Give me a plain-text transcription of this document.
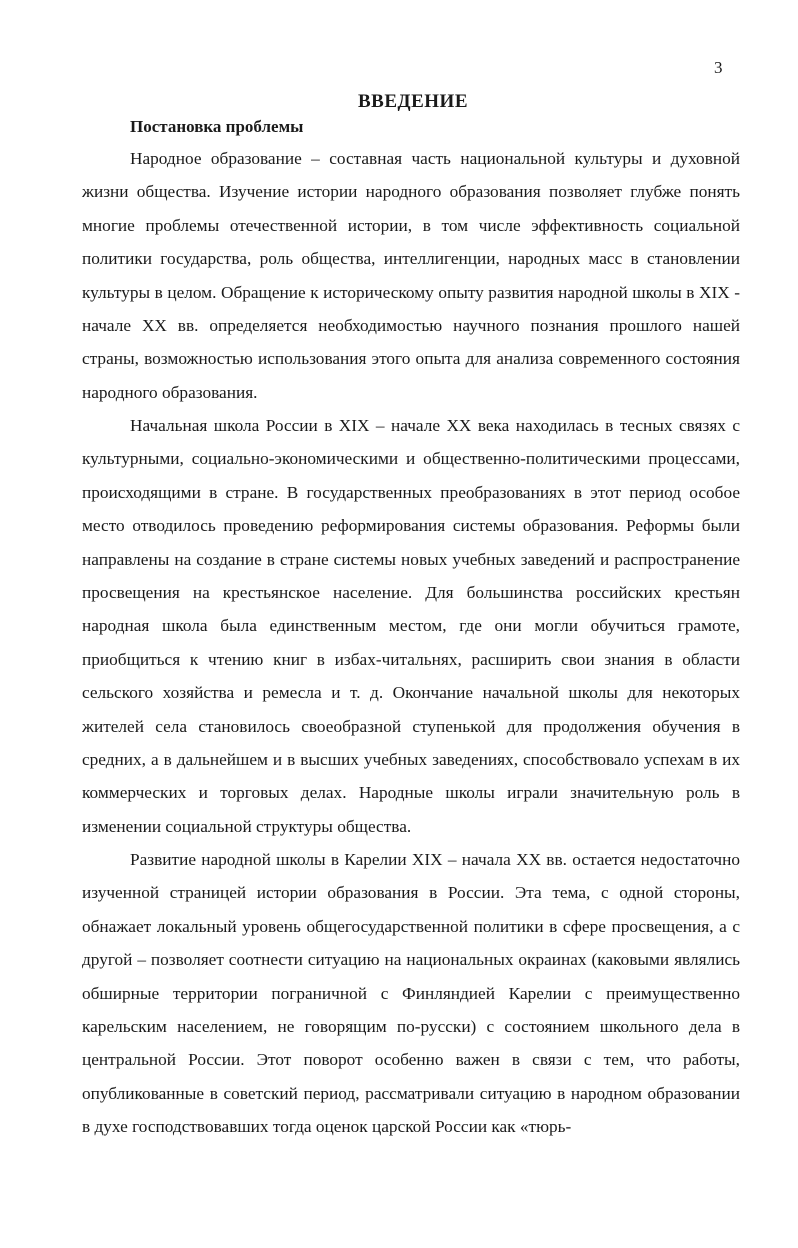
3
ВВЕДЕНИЕ
Постановка проблемы

Народное образование – составная часть национальной культуры и духовной жизни общества. Изучение истории народного образования позволяет глубже понять многие проблемы отечественной истории, в том числе эффективность социальной политики государства, роль общества, интеллигенции, народных масс в становлении культуры в целом. Обращение к историческому опыту развития народной школы в XIX - начале XX вв. определяется необходимостью научного познания прошлого нашей страны, возможностью использования этого опыта для анализа современного состояния народного образования.

Начальная школа России в XIX – начале XX века находилась в тесных связях с культурными, социально-экономическими и общественно-политическими процессами, происходящими в стране. В государственных преобразованиях в этот период особое место отводилось проведению реформирования системы образования. Реформы были направлены на создание в стране системы новых учебных заведений и распространение просвещения на крестьянское население. Для большинства российских крестьян народная школа была единственным местом, где они могли обучиться грамоте, приобщиться к чтению книг в избах-читальнях, расширить свои знания в области сельского хозяйства и ремесла и т. д. Окончание начальной школы для некоторых жителей села становилось своеобразной ступенькой для продолжения обучения в средних, а в дальнейшем и в высших учебных заведениях, способствовало успехам в их коммерческих и торговых делах. Народные школы играли значительную роль в изменении социальной структуры общества.

Развитие народной школы в Карелии XIX – начала XX вв. остается недостаточно изученной страницей истории образования в России. Эта тема, с одной стороны, обнажает локальный уровень общегосударственной политики в сфере просвещения, а с другой – позволяет соотнести ситуацию на национальных окраинах (каковыми являлись обширные территории пограничной с Финляндией Карелии с преимущественно карельским населением, не говорящим по-русски) с состоянием школьного дела в центральной России. Этот поворот особенно важен в связи с тем, что работы, опубликованные в советский период, рассматривали ситуацию в народном образовании в духе господствовавших тогда оценок царской России как «тюрь-
